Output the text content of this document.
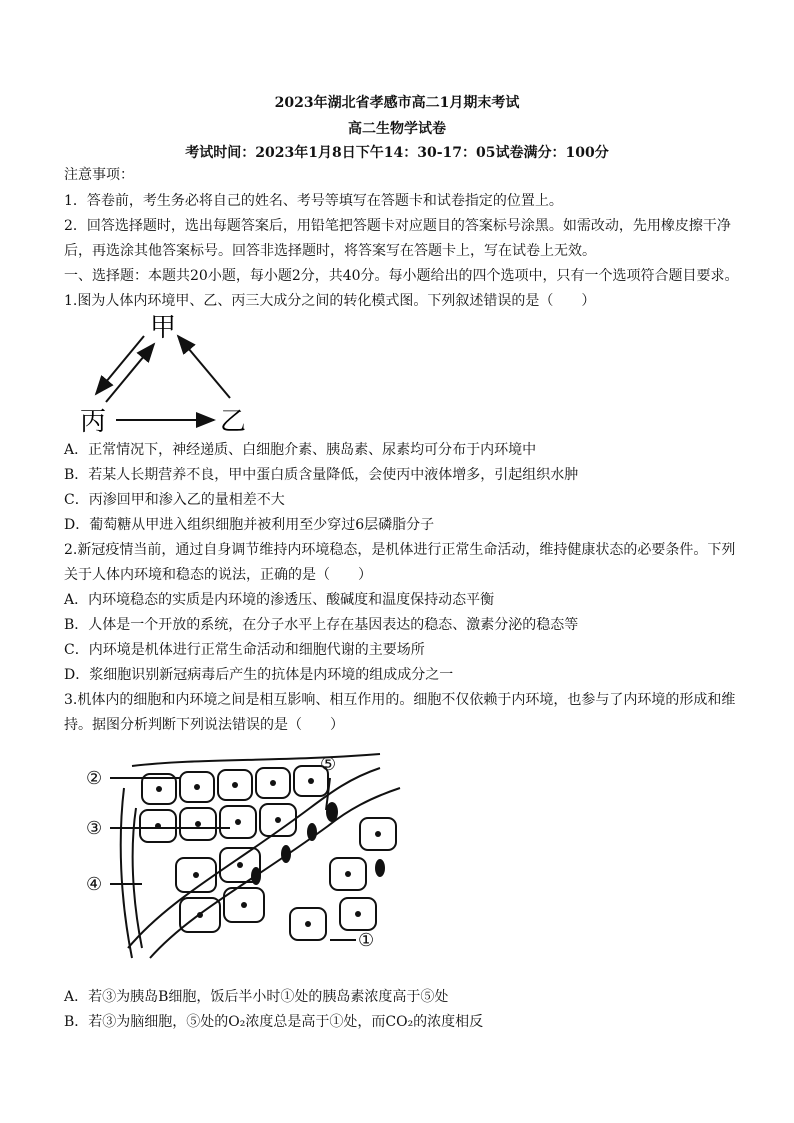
2023年湖北省孝感市高二1月期末考试
高二生物学试卷
考试时间：2023年1月8日下午14：30-17：05试卷满分：100分
注意事项：
1．答卷前，考生务必将自己的姓名、考号等填写在答题卡和试卷指定的位置上。
2．回答选择题时，选出每题答案后，用铅笔把答题卡对应题目的答案标号涂黑。如需改动，先用橡皮擦干净
后，再选涂其他答案标号。回答非选择题时，将答案写在答题卡上，写在试卷上无效。
一、选择题：本题共20小题，每小题2分，共40分。每小题给出的四个选项中，只有一个选项符合题目要求。
1.图为人体内环境甲、乙、丙三大成分之间的转化模式图。下列叙述错误的是（　　）
甲
丙	乙
A．正常情况下，神经递质、白细胞介素、胰岛素、尿素均可分布于内环境中
B．若某人长期营养不良，甲中蛋白质含量降低，会使丙中液体增多，引起组织水肿
C．丙渗回甲和渗入乙的量相差不大
D．葡萄糖从甲进入组织细胞并被利用至少穿过6层磷脂分子
2.新冠疫情当前，通过自身调节维持内环境稳态，是机体进行正常生命活动，维持健康状态的必要条件。下列
关于人体内环境和稳态的说法，正确的是（　　）
A．内环境稳态的实质是内环境的渗透压、酸碱度和温度保持动态平衡
B．人体是一个开放的系统，在分子水平上存在基因表达的稳态、激素分泌的稳态等
C．内环境是机体进行正常生命活动和细胞代谢的主要场所
D．浆细胞识别新冠病毒后产生的抗体是内环境的组成成分之一
3.机体内的细胞和内环境之间是相互影响、相互作用的。细胞不仅依赖于内环境，也参与了内环境的形成和维
持。据图分析判断下列说法错误的是（　　）
②
③
④
①
⑤
A．若③为胰岛B细胞，饭后半小时①处的胰岛素浓度高于⑤处
B．若③为脑细胞，⑤处的O₂浓度总是高于①处，而CO₂的浓度相反
